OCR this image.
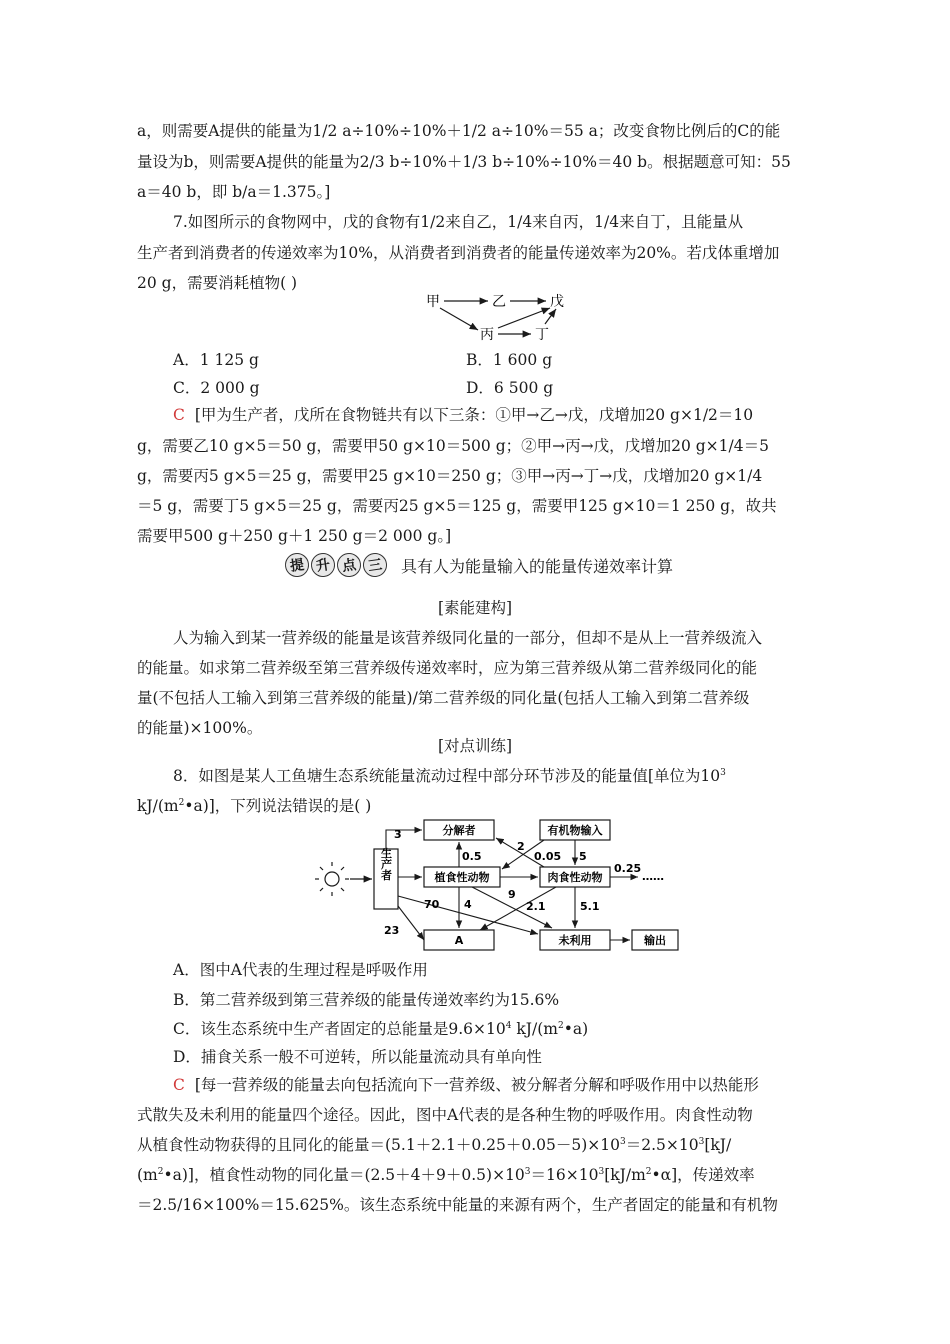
a，则需要A提供的能量为1/2 a÷10%÷10%＋1/2 a÷10%＝55 a；改变食物比例后的C的能
量设为b，则需要A提供的能量为2/3 b÷10%＋1/3 b÷10%÷10%＝40 b。根据题意可知：55
a＝40 b，即 b/a＝1.375。]
7.如图所示的食物网中，戊的食物有1/2来自乙，1/4来自丙，1/4来自丁，且能量从
生产者到消费者的传递效率为10%，从消费者到消费者的能量传递效率为20%。若戊体重增加
20 g，需要消耗植物( )
甲	乙	戊
丙	丁
A．1 125 g	B．1 600 g
C．2 000 g	D．6 500 g
C [甲为生产者，戊所在食物链共有以下三条：①甲→乙→戊，戊增加20 g×1/2＝10
g，需要乙10 g×5＝50 g，需要甲50 g×10＝500 g；②甲→丙→戊，戊增加20 g×1/4＝5
g，需要丙5 g×5＝25 g，需要甲25 g×10＝250 g；③甲→丙→丁→戊，戊增加20 g×1/4
＝5 g，需要丁5 g×5＝25 g，需要丙25 g×5＝125 g，需要甲125 g×10＝1 250 g，故共
需要甲500 g＋250 g＋1 250 g＝2 000 g。]
提 升 点 三	具有人为能量输入的能量传递效率计算
[素能建构]
人为输入到某一营养级的能量是该营养级同化量的一部分，但却不是从上一营养级流入
的能量。如求第二营养级至第三营养级传递效率时，应为第三营养级从第二营养级同化的能
量(不包括人工输入到第三营养级的能量)/第二营养级的同化量(包括人工输入到第二营养级
的能量)×100%。
[对点训练]
8．如图是某人工鱼塘生态系统能量流动过程中部分环节涉及的能量值[单位为$10^3$
$kJ/(m^2•a)$]，下列说法错误的是( )
生产者
分解者	有机物输入
植食性动物	肉食性动物
A	未利用	输出
3
0.5
2
0.05 5
0.25
……
70 4
9
2.1	5.1
23
A．图中A代表的生理过程是呼吸作用
B．第二营养级到第三营养级的能量传递效率约为15.6%
C．该生态系统中生产者固定的总能量是$9.6\times 10^4$ $kJ/(m^2•a)$
D．捕食关系一般不可逆转，所以能量流动具有单向性
C [每一营养级的能量去向包括流向下一营养级、被分解者分解和呼吸作用中以热能形
式散失及未利用的能量四个途径。因此，图中A代表的是各种生物的呼吸作用。肉食性动物
从植食性动物获得的且同化的能量$=(5.1+2.1+0.25+0.05-5)\times 10^3=2.5\times 10^3[kJ/$
$(m^2•a)$]，植食性动物的同化量$=(2.5+4+9+0.5)\times 10^3=16\times 10^3[kJ/m^2•\alpha]$，传递效率
＝2.5/16×100%＝15.625%。该生态系统中能量的来源有两个，生产者固定的能量和有机物
